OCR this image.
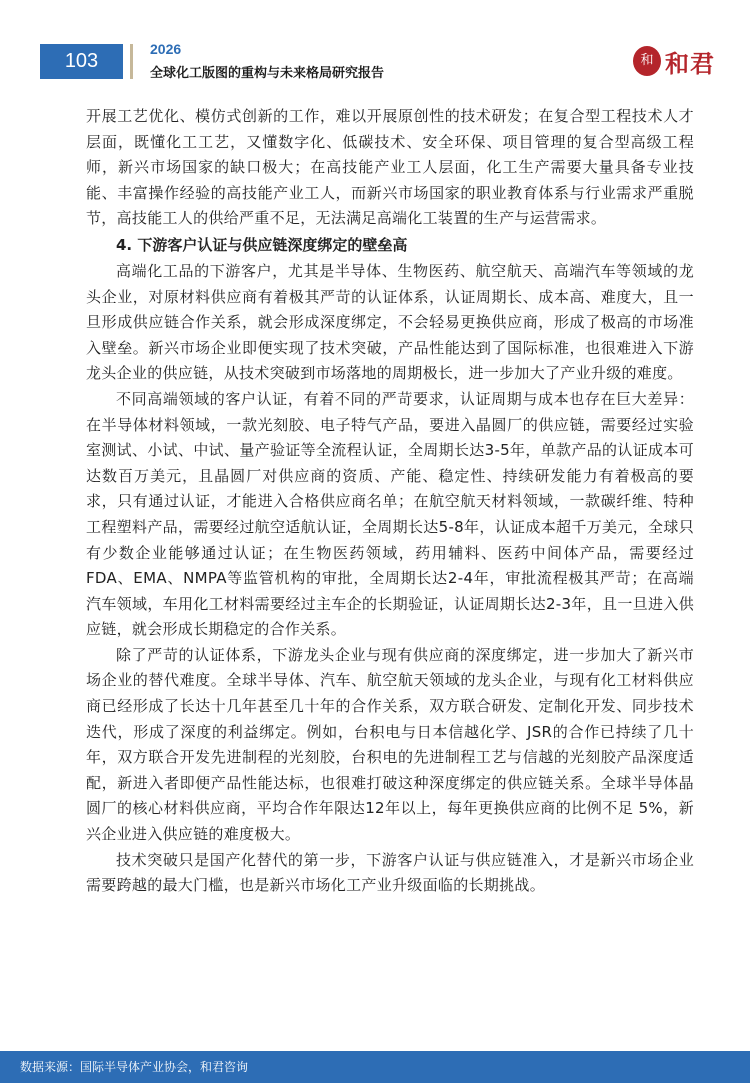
103
2026
全球化工版图的重构与未来格局研究报告
和 和君

开展工艺优化、模仿式创新的工作，难以开展原创性的技术研发；在复合型工程技术人才层面，既懂化工工艺，又懂数字化、低碳技术、安全环保、项目管理的复合型高级工程师，新兴市场国家的缺口极大；在高技能产业工人层面，化工生产需要大量具备专业技能、丰富操作经验的高技能产业工人，而新兴市场国家的职业教育体系与行业需求严重脱节，高技能工人的供给严重不足，无法满足高端化工装置的生产与运营需求。

4. 下游客户认证与供应链深度绑定的壁垒高

高端化工品的下游客户，尤其是半导体、生物医药、航空航天、高端汽车等领域的龙头企业，对原材料供应商有着极其严苛的认证体系，认证周期长、成本高、难度大，且一旦形成供应链合作关系，就会形成深度绑定，不会轻易更换供应商，形成了极高的市场准入壁垒。新兴市场企业即便实现了技术突破，产品性能达到了国际标准，也很难进入下游龙头企业的供应链，从技术突破到市场落地的周期极长，进一步加大了产业升级的难度。

不同高端领域的客户认证，有着不同的严苛要求，认证周期与成本也存在巨大差异：在半导体材料领域，一款光刻胶、电子特气产品，要进入晶圆厂的供应链，需要经过实验室测试、小试、中试、量产验证等全流程认证，全周期长达3-5年，单款产品的认证成本可达数百万美元，且晶圆厂对供应商的资质、产能、稳定性、持续研发能力有着极高的要求，只有通过认证，才能进入合格供应商名单；在航空航天材料领域，一款碳纤维、特种工程塑料产品，需要经过航空适航认证，全周期长达5-8年，认证成本超千万美元，全球只有少数企业能够通过认证；在生物医药领域，药用辅料、医药中间体产品，需要经过FDA、EMA、NMPA等监管机构的审批，全周期长达2-4年，审批流程极其严苛；在高端汽车领域，车用化工材料需要经过主车企的长期验证，认证周期长达2-3年，且一旦进入供应链，就会形成长期稳定的合作关系。

除了严苛的认证体系，下游龙头企业与现有供应商的深度绑定，进一步加大了新兴市场企业的替代难度。全球半导体、汽车、航空航天领域的龙头企业，与现有化工材料供应商已经形成了长达十几年甚至几十年的合作关系，双方联合研发、定制化开发、同步技术迭代，形成了深度的利益绑定。例如，台积电与日本信越化学、JSR的合作已持续了几十年，双方联合开发先进制程的光刻胶，台积电的先进制程工艺与信越的光刻胶产品深度适配，新进入者即便产品性能达标，也很难打破这种深度绑定的供应链关系。全球半导体晶圆厂的核心材料供应商，平均合作年限达12年以上，每年更换供应商的比例不足 5%，新兴企业进入供应链的难度极大。

技术突破只是国产化替代的第一步，下游客户认证与供应链准入，才是新兴市场企业需要跨越的最大门槛，也是新兴市场化工产业升级面临的长期挑战。

数据来源：国际半导体产业协会，和君咨询
